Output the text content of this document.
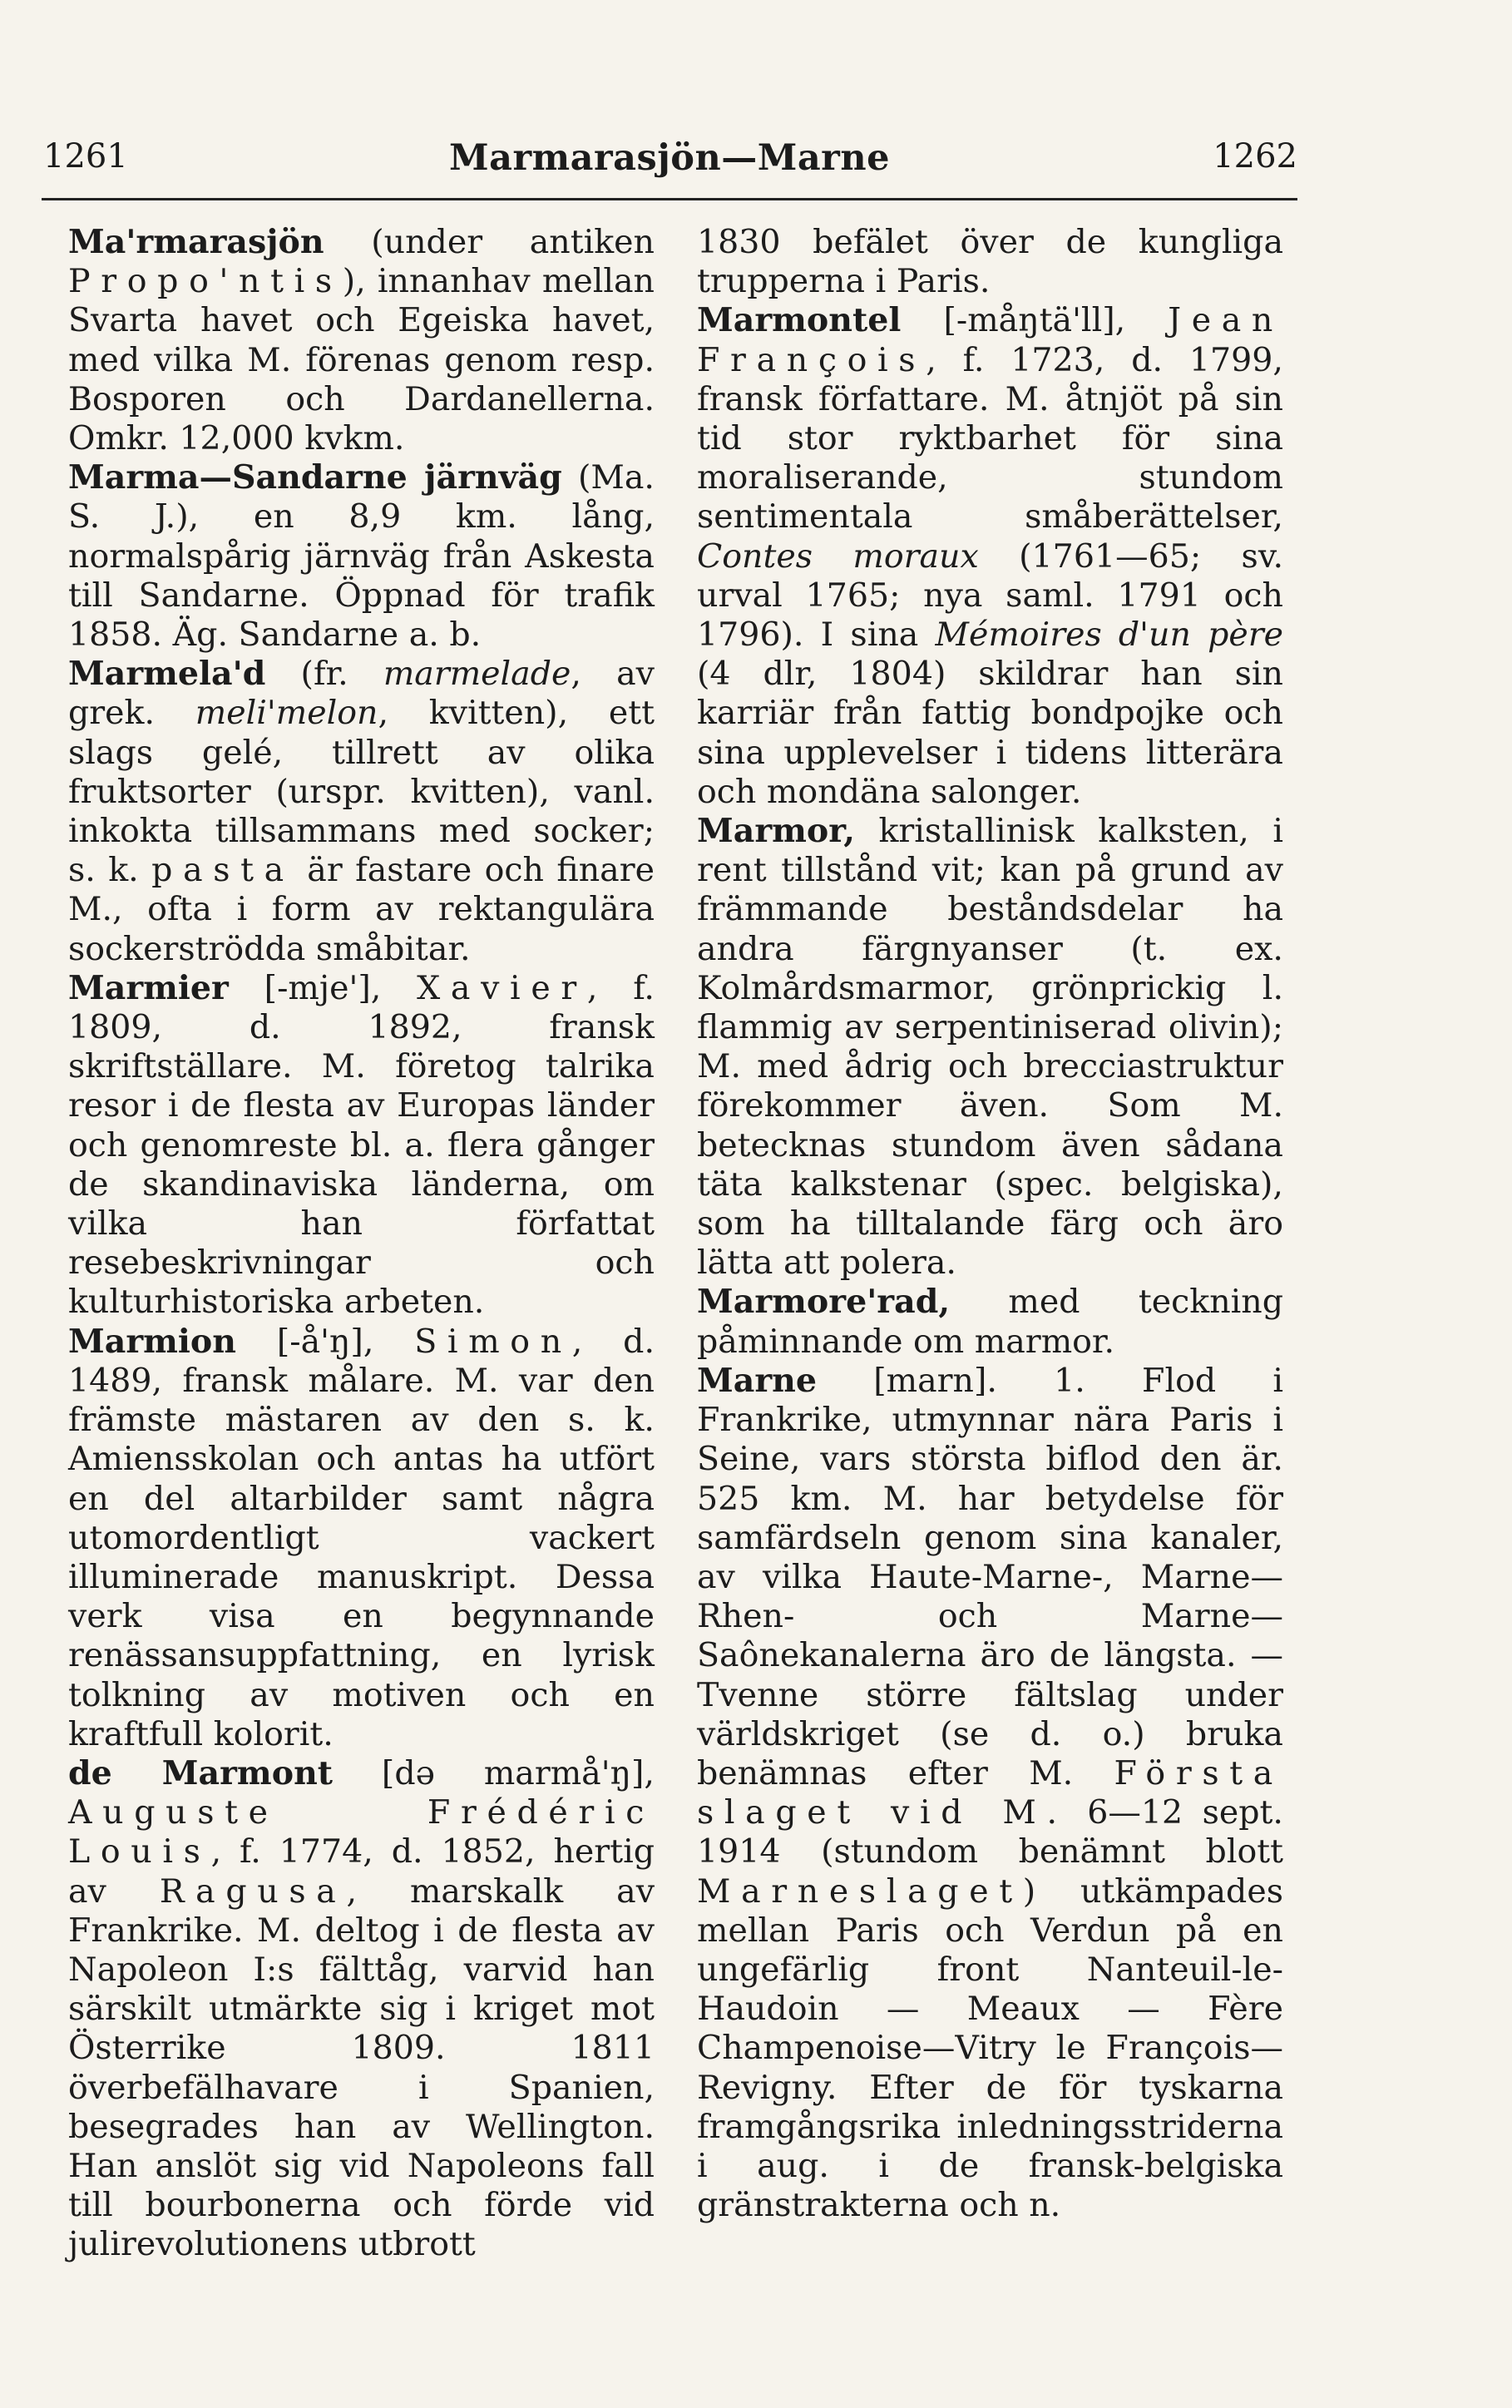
1261	Marmarasjön—Marne	1262

Ma'rmarasjön (under antiken Propo'ntis), innanhav mellan Svarta havet och Egeiska havet, med vilka M. förenas genom resp. Bosporen och Dardanellerna. Omkr. 12,000 kvkm.

Marma—Sandarne järnväg (Ma. S. J.), en 8,9 km. lång, normalspårig järnväg från Askesta till Sandarne. Öppnad för trafik 1858. Äg. Sandarne a. b.

Marmela'd (fr. marmelade, av grek. meli'melon, kvitten), ett slags gelé, tillrett av olika fruktsorter (urspr. kvitten), vanl. inkokta tillsammans med socker; s. k. pasta är fastare och finare M., ofta i form av rektangulära sockerströdda småbitar.

Marmier [-mje'], Xavier, f. 1809, d. 1892, fransk skriftställare. M. företog talrika resor i de flesta av Europas länder och genomreste bl. a. flera gånger de skandinaviska länderna, om vilka han författat resebeskrivningar och kulturhistoriska arbeten.

Marmion [-å'ŋ], Simon, d. 1489, fransk målare. M. var den främste mästaren av den s. k. Amiensskolan och antas ha utfört en del altarbilder samt några utomordentligt vackert illuminerade manuskript. Dessa verk visa en begynnande renässansuppfattning, en lyrisk tolkning av motiven och en kraftfull kolorit.

de Marmont [də marmå'ŋ], Auguste Frédéric Louis, f. 1774, d. 1852, hertig av Ragusa, marskalk av Frankrike. M. deltog i de flesta av Napoleon I:s fälttåg, varvid han särskilt utmärkte sig i kriget mot Österrike 1809. 1811 överbefälhavare i Spanien, besegrades han av Wellington. Han anslöt sig vid Napoleons fall till bourbonerna och förde vid julirevolutionens utbrott

1830 befälet över de kungliga trupperna i Paris.

Marmontel [-måŋtä'll], Jean François, f. 1723, d. 1799, fransk författare. M. åtnjöt på sin tid stor ryktbarhet för sina moraliserande, stundom sentimentala småberättelser, Contes moraux (1761—65; sv. urval 1765; nya saml. 1791 och 1796). I sina Mémoires d'un père (4 dlr, 1804) skildrar han sin karriär från fattig bondpojke och sina upplevelser i tidens litterära och mondäna salonger.

Marmor, kristallinisk kalksten, i rent tillstånd vit; kan på grund av främmande beståndsdelar ha andra färgnyanser (t. ex. Kolmårdsmarmor, grönprickig l. flammig av serpentiniserad olivin); M. med ådrig och brecciastruktur förekommer även. Som M. betecknas stundom även sådana täta kalkstenar (spec. belgiska), som ha tilltalande färg och äro lätta att polera.

Marmore'rad, med teckning påminnande om marmor.

Marne [marn]. 1. Flod i Frankrike, utmynnar nära Paris i Seine, vars största biflod den är. 525 km. M. har betydelse för samfärdseln genom sina kanaler, av vilka Haute-Marne-, Marne—Rhen- och Marne—Saônekanalerna äro de längsta. — Tvenne större fältslag under världskriget (se d. o.) bruka benämnas efter M. Första slaget vid M. 6—12 sept. 1914 (stundom benämnt blott Marneslaget) utkämpades mellan Paris och Verdun på en ungefärlig front Nanteuil-le-Haudoin — Meaux — Fère Champenoise—Vitry le François—Revigny. Efter de för tyskarna framgångsrika inledningsstriderna i aug. i de fransk-belgiska gränstrakterna och n.
